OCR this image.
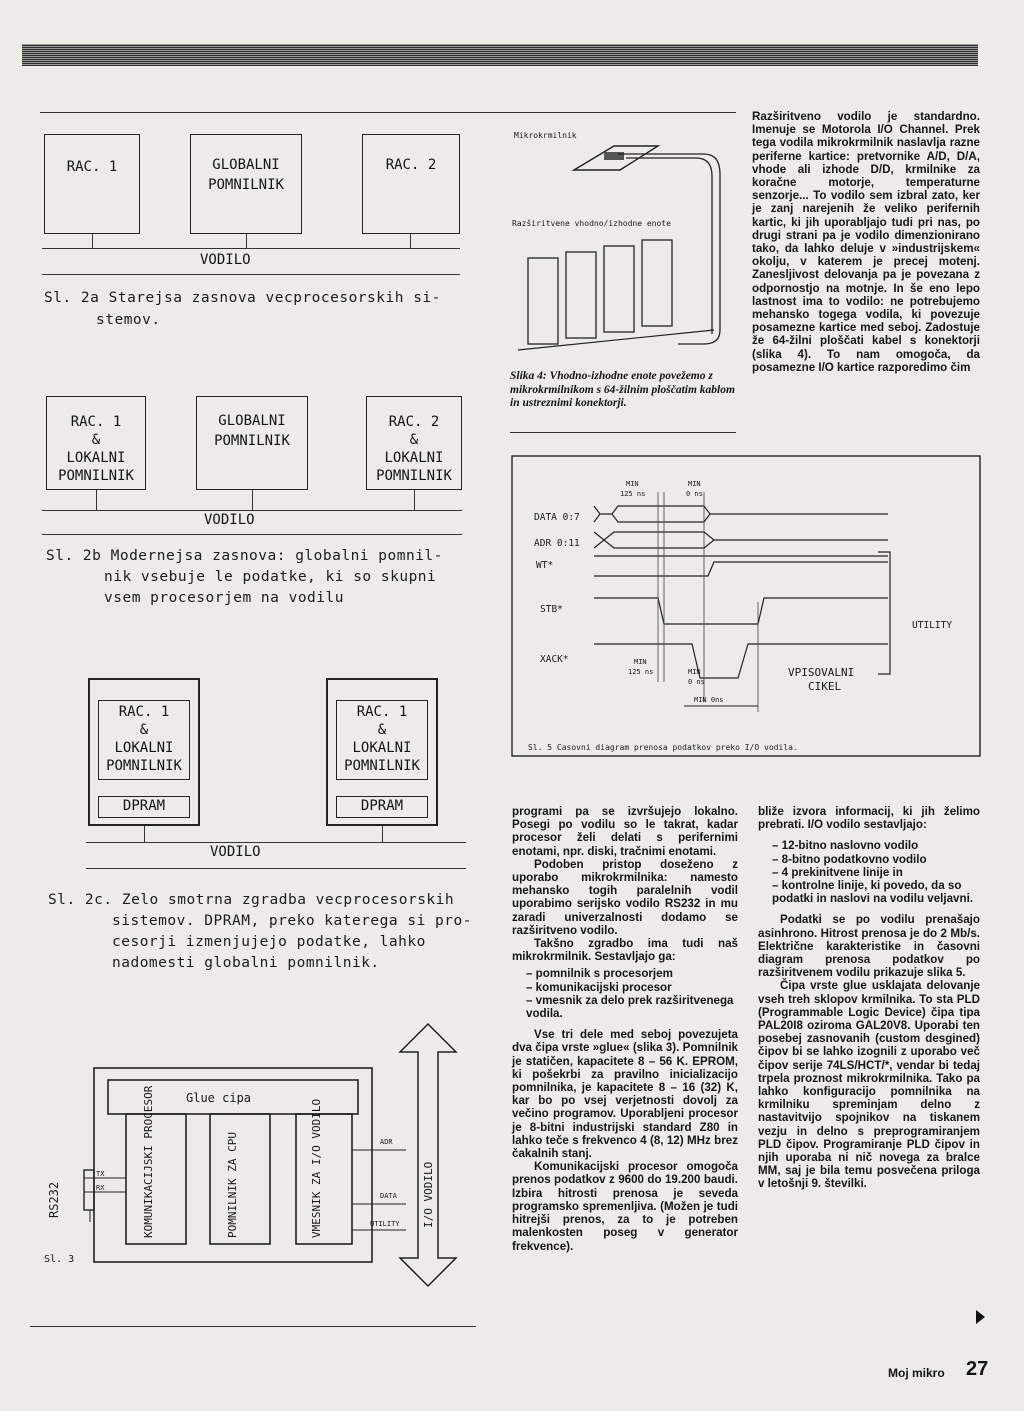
RAC. 1	GLOBALNI
POMNILNIK
RAC. 2
VODILO
Sl. 2a Starejsa zasnova vecprocesorskih si-
stemov.
RAC. 1
&
LOKALNI
POMNILNIK
GLOBALNI
POMNILNIK
RAC. 2
&
LOKALNI
POMNILNIK
VODILO
Sl. 2b Modernejsa zasnova: globalni pomnil-
nik vsebuje le podatke, ki so skupni
vsem procesorjem na vodilu
RAC. 1
&
LOKALNI
POMNILNIK
DPRAM
RAC. 1
&
LOKALNI
POMNILNIK
DPRAM
VODILO
Sl. 2c. Zelo smotrna zgradba vecprocesorskih
sistemov. DPRAM, preko katerega si pro-
cesorji izmenjujejo podatke, lahko
nadomesti globalni pomnilnik.
Glue cipa
KOMUNIKACIJSKI PROCESOR	POMNILNIK ZA CPU	VMESNIK ZA I/O VODILO
TX
RX
RS232
ADR
DATA
UTILITY I/O VODILO
Sl. 3
Mikrokrmilnik
Razširitvene vhodno/izhodne enote
Slika 4: Vhodno-izhodne enote povežemo z mikrokrmilnikom s 64-žilnim ploščatim kablom in ustreznimi konektorji.
DATA 0:7
ADR 0:11
WT*
STB*
XACK*
MIN
125 ns
MIN
0 ns
MIN
125 ns	MIN
0 ns
MIN 0ns
UTILITY
VPISOVALNI
CIKEL
Sl. 5 Casovni diagram prenosa podatkov preko I/O vodila.

Razširitveno vodilo je standardno. Imenuje se Motorola I/O Channel. Prek tega vodila mikrokrmilnik naslavlja razne periferne kartice: pretvornike A/D, D/A, vhode ali izhode D/D, krmilnike za koračne motorje, temperaturne senzorje... To vodilo sem izbral zato, ker je zanj narejenih že veliko perifernih kartic, ki jih uporabljajo tudi pri nas, po drugi strani pa je vodilo dimenzionirano tako, da lahko deluje v »industrijskem« okolju, v katerem je precej motenj. Zanesljivost delovanja pa je povezana z odpornostjo na motnje. In še eno lepo lastnost ima to vodilo: ne potrebujemo mehansko togega vodila, ki povezuje posamezne kartice med seboj. Zadostuje že 64-žilni ploščati kabel s konektorji (slika 4). To nam omogoča, da posamezne I/O kartice razporedimo čim

programi pa se izvršujejo lokalno. Posegi po vodilu so le takrat, kadar procesor želi delati s perifernimi enotami, npr. diski, tračnimi enotami.

Podoben pristop doseženo z uporabo mikrokrmilnika: namesto mehansko togih paralelnih vodil uporabimo serijsko vodilo RS232 in mu zaradi univerzalnosti dodamo se razširitveno vodilo.

Takšno zgradbo ima tudi naš mikrokrmilnik. Sestavljajo ga:

– pomnilnik s procesorjem
– komunikacijski procesor
– vmesnik za delo prek razširitvenega vodila.

Vse tri dele med seboj povezujeta dva čipa vrste »glue« (slika 3). Pomnilnik je statičen, kapacitete 8 – 56 K. EPROM, ki pošekrbi za pravilno inicializacijo pomnilnika, je kapacitete 8 – 16 (32) K, kar bo po vsej verjetnosti dovolj za večino programov. Uporabljeni procesor je 8-bitni industrijski standard Z80 in lahko teče s frekvenco 4 (8, 12) MHz brez čakalnih stanj.

Komunikacijski procesor omogoča prenos podatkov z 9600 do 19.200 baudi. Izbira hitrosti prenosa je seveda programsko spremenljiva. (Možen je tudi hitrejši prenos, za to je potreben malenkosten poseg v generator frekvence).

bliže izvora informacij, ki jih želimo prebrati. I/O vodilo sestavljajo:

– 12-bitno naslovno vodilo
– 8-bitno podatkovno vodilo
– 4 prekinitvene linije in
– kontrolne linije, ki povedo, da so podatki in naslovi na vodilu veljavni.

Podatki se po vodilu prenašajo asinhrono. Hitrost prenosa je do 2 Mb/s. Električne karakteristike in časovni diagram prenosa podatkov po razširitvenem vodilu prikazuje slika 5.

Čipa vrste glue usklajata delovanje vseh treh sklopov krmilnika. To sta PLD (Programmable Logic Device) čipa tipa PAL20I8 oziroma GAL20V8. Uporabi ten posebej zasnovanih (custom desgined) čipov bi se lahko izognili z uporabo več čipov serije 74LS/HCT/*, vendar bi tedaj trpela proznost mikrokrmilnika. Tako pa lahko konfiguracijo pomnilnika na krmilniku spreminjam delno z nastavitvijo spojnikov na tiskanem vezju in delno s preprogramiranjem PLD čipov. Programiranje PLD čipov in njih uporaba ni nič novega za bralce MM, saj je bila temu posvečena priloga v letošnji 9. številki.

Moj mikro 27
